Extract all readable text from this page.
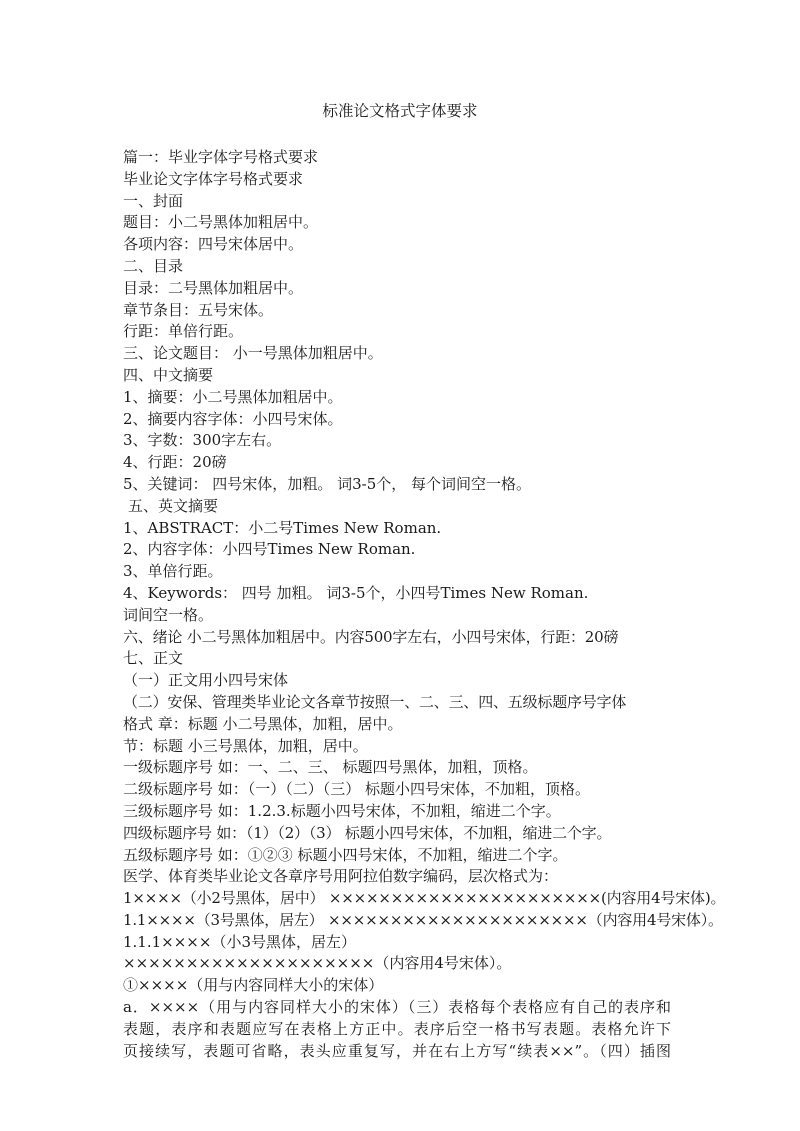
标准论文格式字体要求
篇一：毕业字体字号格式要求
毕业论文字体字号格式要求
一、封面
题目：小二号黑体加粗居中。
各项内容：四号宋体居中。
二、目录
目录：二号黑体加粗居中。
章节条目：五号宋体。
行距：单倍行距。
三、论文题目： 小一号黑体加粗居中。
四、中文摘要
1、摘要：小二号黑体加粗居中。
2、摘要内容字体：小四号宋体。
3、字数：300字左右。
4、行距：20磅
5、关键词： 四号宋体，加粗。 词3-5个， 每个词间空一格。
五、英文摘要
1、ABSTRACT：小二号Times New Roman.
2、内容字体：小四号Times New Roman.
3、单倍行距。
4、Keywords： 四号 加粗。 词3-5个，小四号Times New Roman.
词间空一格。
六、绪论 小二号黑体加粗居中。内容500字左右，小四号宋体，行距：20磅
七、正文
（一）正文用小四号宋体
（二）安保、管理类毕业论文各章节按照一、二、三、四、五级标题序号字体
格式 章：标题 小二号黑体，加粗，居中。
节：标题 小三号黑体，加粗，居中。
一级标题序号 如：一、二、三、 标题四号黑体，加粗，顶格。
二级标题序号 如：（一）（二）（三） 标题小四号宋体，不加粗，顶格。
三级标题序号 如：1.2.3.标题小四号宋体，不加粗，缩进二个字。
四级标题序号 如：（1）（2）（3） 标题小四号宋体，不加粗，缩进二个字。
五级标题序号 如：①②③ 标题小四号宋体，不加粗，缩进二个字。
医学、体育类毕业论文各章序号用阿拉伯数字编码，层次格式为：
1××××（小2号黑体，居中） ××××××××××××××××××××××(内容用4号宋体)。
1.1××××（3号黑体，居左） ×××××××××××××××××××××（内容用4号宋体）。
1.1.1××××（小3号黑体，居左）
××××××××××××××××××××（内容用4号宋体）。
①××××（用与内容同样大小的宋体）
a．××××（用与内容同样大小的宋体）（三）表格每个表格应有自己的表序和
表题，表序和表题应写在表格上方正中。表序后空一格书写表题。表格允许下
页接续写，表题可省略，表头应重复写，并在右上方写“续表××”。（四）插图
